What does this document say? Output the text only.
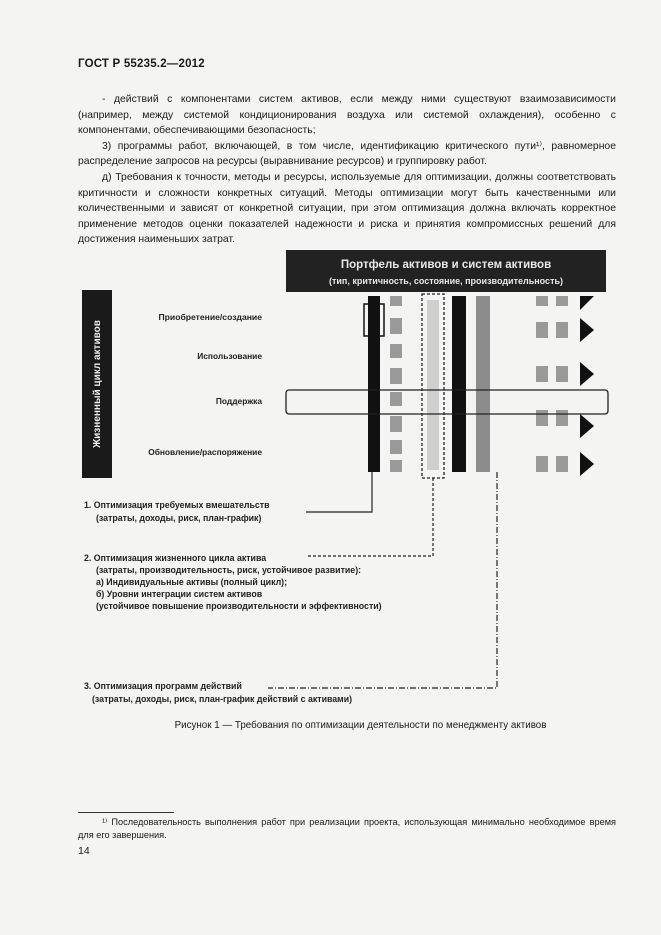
ГОСТ Р 55235.2—2012

- действий с компонентами систем активов, если между ними существуют взаимозависимости (например, между системой кондиционирования воздуха или системой охлаждения), особенно с компонентами, обеспечивающими безопасность;

3) программы работ, включающей, в том числе, идентификацию критического пути¹⁾, равномерное распределение запросов на ресурсы (выравнивание ресурсов) и группировку работ.

д) Требования к точности, методы и ресурсы, используемые для оптимизации, должны соответствовать критичности и сложности конкретных ситуаций. Методы оптимизации могут быть качественными или количественными и зависят от конкретной ситуации, при этом оптимизация должна включать корректное применение методов оценки показателей надежности и риска и принятия компромиссных решений для достижения наименьших затрат.

Портфель активов и систем активов
(тип, критичность, состояние, производительность)
Жизненный цикл активов
Приобретение/создание
Использование
Поддержка
Обновление/распоряжение
1. Оптимизация требуемых вмешательств
(затраты, доходы, риск, план-график)
2. Оптимизация жизненного цикла актива
(затраты, производительность, риск, устойчивое развитие):
а) Индивидуальные активы (полный цикл);
б) Уровни интеграции систем активов
(устойчивое повышение производительности и эффективности)
3. Оптимизация программ действий
(затраты, доходы, риск, план-график действий с активами)
Рисунок 1 — Требования по оптимизации деятельности по менеджменту активов
¹⁾ Последовательность выполнения работ при реализации проекта, использующая минимально необходимое время для его завершения.
14
